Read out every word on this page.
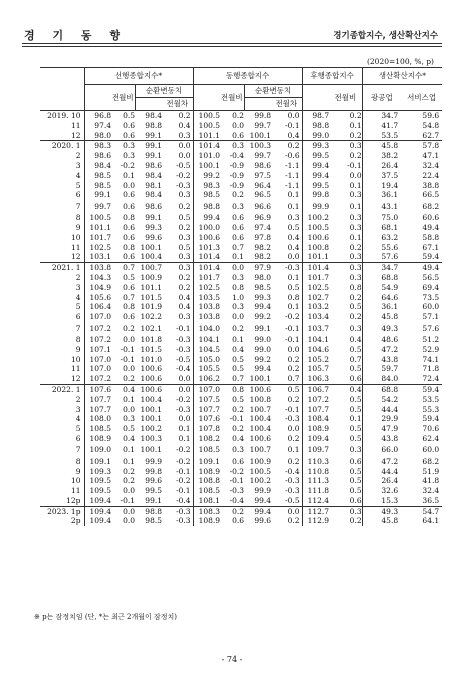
경 기 동 향	경기종합지수, 생산확산지수
(2020=100, %, p)
	선행종합지수*				동행종합지수				후행종합지수		생산확산지수*	
		전월비	순환변동치			전월비	순환변동치			전월비	광공업	서비스업
				전월차				전월차				
2019. 10	96.8	0.5	98.4	0.2	100.5	0.2	99.8	0.0	98.7	0.2	34.7	59.6
11	97.4	0.6	98.8	0.4	100.5	0.0	99.7	-0.1	98.8	0.1	41.7	54.8
12	98.0	0.6	99.1	0.3	101.1	0.6	100.1	0.4	99.0	0.2	53.5	62.7
2020. 1	98.3	0.3	99.1	0.0	101.4	0.3	100.3	0.2	99.3	0.3	45.8	57.8
2	98.6	0.3	99.1	0.0	101.0	-0.4	99.7	-0.6	99.5	0.2	38.2	47.1
3	98.4	-0.2	98.6	-0.5	100.1	-0.9	98.6	-1.1	99.4	-0.1	26.4	32.4
4	98.5	0.1	98.4	-0.2	99.2	-0.9	97.5	-1.1	99.4	0.0	37.5	22.4
5	98.5	0.0	98.1	-0.3	98.3	-0.9	96.4	-1.1	99.5	0.1	19.4	38.8
6	99.1	0.6	98.4	0.3	98.5	0.2	96.5	0.1	99.8	0.3	36.1	66.5
7	99.7	0.6	98.6	0.2	98.8	0.3	96.6	0.1	99.9	0.1	43.1	68.2
8	100.5	0.8	99.1	0.5	99.4	0.6	96.9	0.3	100.2	0.3	75.0	60.6
9	101.1	0.6	99.3	0.2	100.0	0.6	97.4	0.5	100.5	0.3	68.1	49.4
10	101.7	0.6	99.6	0.3	100.6	0.6	97.8	0.4	100.6	0.1	63.2	58.8
11	102.5	0.8	100.1	0.5	101.3	0.7	98.2	0.4	100.8	0.2	55.6	67.1
12	103.1	0.6	100.4	0.3	101.4	0.1	98.2	0.0	101.1	0.3	57.6	59.4
2021. 1	103.8	0.7	100.7	0.3	101.4	0.0	97.9	-0.3	101.4	0.3	34.7	49.4
2	104.3	0.5	100.9	0.2	101.7	0.3	98.0	0.1	101.7	0.3	68.8	56.5
3	104.9	0.6	101.1	0.2	102.5	0.8	98.5	0.5	102.5	0.8	54.9	69.4
4	105.6	0.7	101.5	0.4	103.5	1.0	99.3	0.8	102.7	0.2	64.6	73.5
5	106.4	0.8	101.9	0.4	103.8	0.3	99.4	0.1	103.2	0.5	36.1	60.0
6	107.0	0.6	102.2	0.3	103.8	0.0	99.2	-0.2	103.4	0.2	45.8	57.1
7	107.2	0.2	102.1	-0.1	104.0	0.2	99.1	-0.1	103.7	0.3	49.3	57.6
8	107.2	0.0	101.8	-0.3	104.1	0.1	99.0	-0.1	104.1	0.4	48.6	51.2
9	107.1	-0.1	101.5	-0.3	104.5	0.4	99.0	0.0	104.6	0.5	47.2	52.9
10	107.0	-0.1	101.0	-0.5	105.0	0.5	99.2	0.2	105.2	0.7	43.8	74.1
11	107.0	0.0	100.6	-0.4	105.5	0.5	99.4	0.2	105.7	0.5	59.7	71.8
12	107.2	0.2	100.6	0.0	106.2	0.7	100.1	0.7	106.3	0.6	84.0	72.4
2022. 1	107.6	0.4	100.6	0.0	107.0	0.8	100.6	0.5	106.7	0.4	68.8	59.4
2	107.7	0.1	100.4	-0.2	107.5	0.5	100.8	0.2	107.2	0.5	54.2	53.5
3	107.7	0.0	100.1	-0.3	107.7	0.2	100.7	-0.1	107.7	0.5	44.4	55.3
4	108.0	0.3	100.1	0.0	107.6	-0.1	100.4	-0.3	108.4	0.1	29.9	59.4
5	108.5	0.5	100.2	0.1	107.8	0.2	100.4	0.0	108.9	0.5	47.9	70.6
6	108.9	0.4	100.3	0.1	108.2	0.4	100.6	0.2	109.4	0.5	43.8	62.4
7	109.0	0.1	100.1	-0.2	108.5	0.3	100.7	0.1	109.7	0.3	66.0	60.0
8	109.1	0.1	99.9	-0.2	109.1	0.6	100.9	0.2	110.3	0.6	47.2	68.2
9	109.3	0.2	99.8	-0.1	108.9	-0.2	100.5	-0.4	110.8	0.5	44.4	51.9
10	109.5	0.2	99.6	-0.2	108.8	-0.1	100.2	-0.3	111.3	0.5	26.4	41.8
11	109.5	0.0	99.5	-0.1	108.5	-0.3	99.9	-0.3	111.8	0.5	32.6	32.4
12p	109.4	-0.1	99.1	-0.4	108.1	-0.4	99.4	-0.5	112.4	0.6	15.3	36.5
2023. 1p	109.4	0.0	98.8	-0.3	108.3	0.2	99.4	0.0	112.7	0.3	49.3	54.7
2p	109.4	0.0	98.5	-0.3	108.9	0.6	99.6	0.2	112.9	0.2	45.8	64.1
※ p는 잠정치임 (단, *는 최근 2개월이 잠정치)
- 74 -
